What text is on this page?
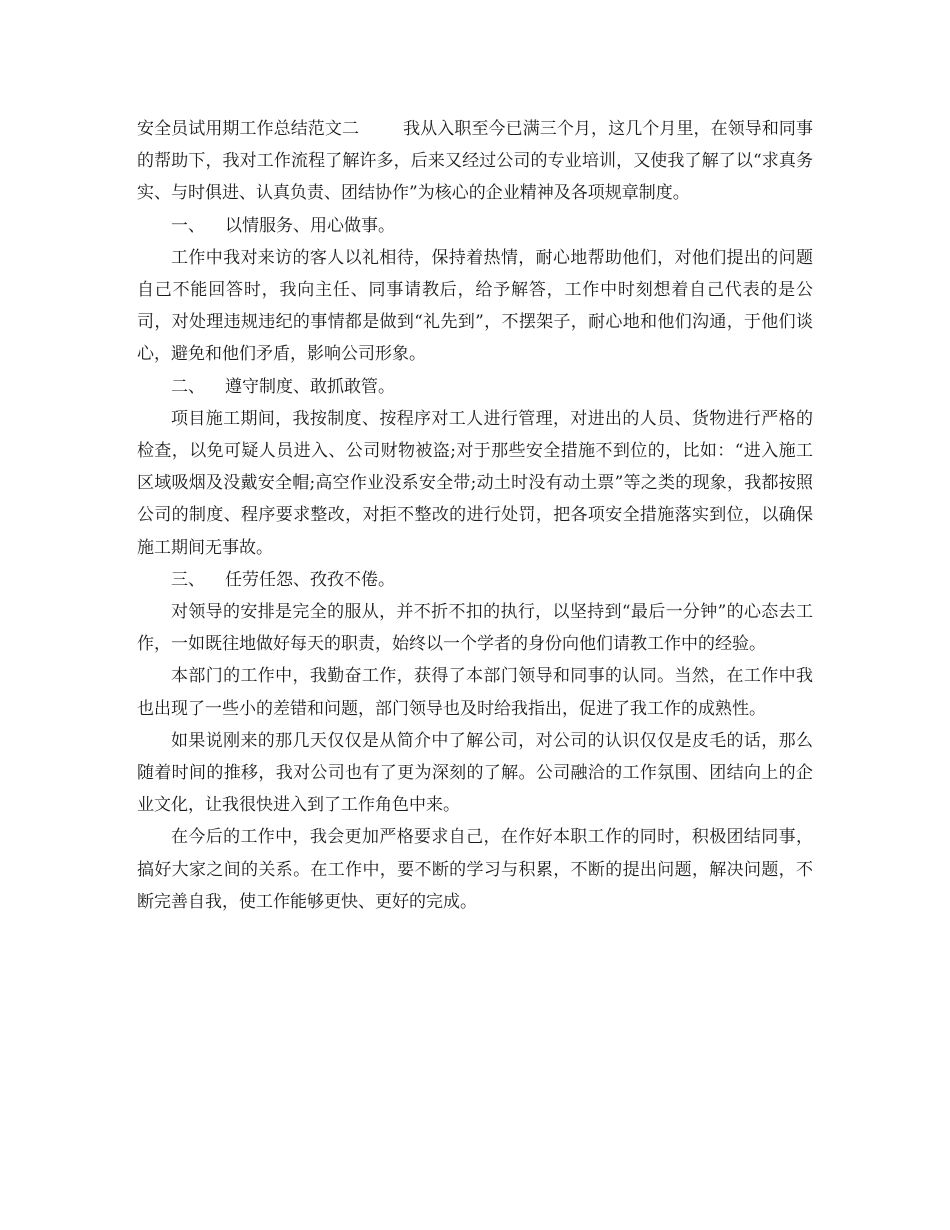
安全员试用期工作总结范文二	我从入职至今已满三个月，这几个月里，在领导和同事的帮助下，我对工作流程了解许多，后来又经过公司的专业培训，又使我了解了以“求真务实、与时俱进、认真负责、团结协作”为核心的企业精神及各项规章制度。

一、 以情服务、用心做事。

工作中我对来访的客人以礼相待，保持着热情，耐心地帮助他们，对他们提出的问题自己不能回答时，我向主任、同事请教后，给予解答，工作中时刻想着自己代表的是公司，对处理违规违纪的事情都是做到“礼先到”，不摆架子，耐心地和他们沟通，于他们谈心，避免和他们矛盾，影响公司形象。

二、 遵守制度、敢抓敢管。

项目施工期间，我按制度、按程序对工人进行管理，对进出的人员、货物进行严格的检查，以免可疑人员进入、公司财物被盗;对于那些安全措施不到位的，比如：“进入施工区域吸烟及没戴安全帽;高空作业没系安全带;动土时没有动土票”等之类的现象，我都按照公司的制度、程序要求整改，对拒不整改的进行处罚，把各项安全措施落实到位，以确保施工期间无事故。

三、 任劳任怨、孜孜不倦。

对领导的安排是完全的服从，并不折不扣的执行，以坚持到“最后一分钟”的心态去工作，一如既往地做好每天的职责，始终以一个学者的身份向他们请教工作中的经验。

本部门的工作中，我勤奋工作，获得了本部门领导和同事的认同。当然，在工作中我也出现了一些小的差错和问题，部门领导也及时给我指出，促进了我工作的成熟性。

如果说刚来的那几天仅仅是从简介中了解公司，对公司的认识仅仅是皮毛的话，那么随着时间的推移，我对公司也有了更为深刻的了解。公司融洽的工作氛围、团结向上的企业文化，让我很快进入到了工作角色中来。

在今后的工作中，我会更加严格要求自己，在作好本职工作的同时，积极团结同事，搞好大家之间的关系。在工作中，要不断的学习与积累，不断的提出问题，解决问题，不断完善自我，使工作能够更快、更好的完成。
